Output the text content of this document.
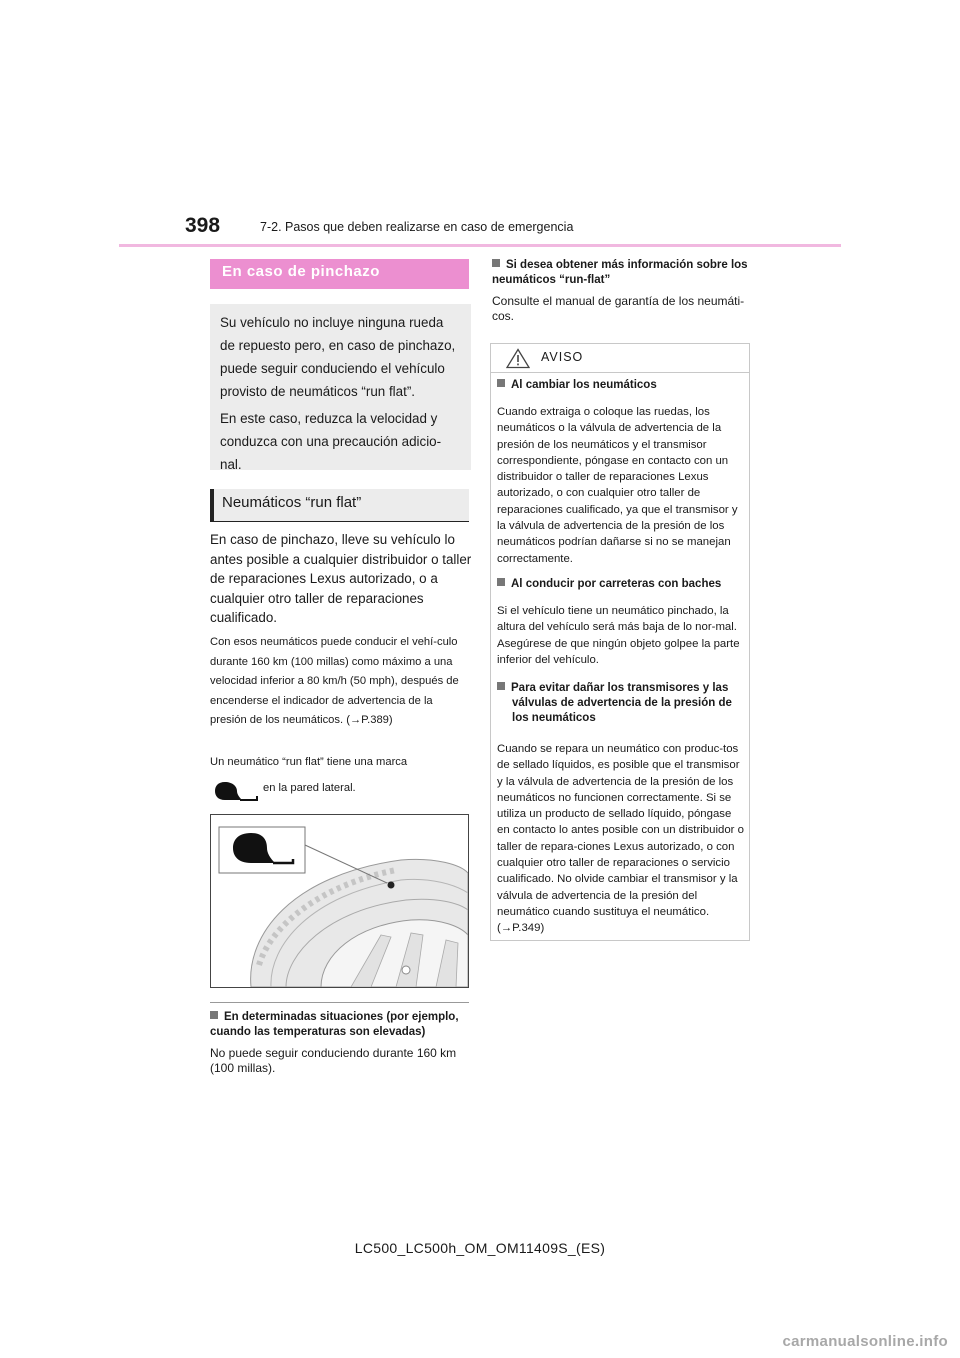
398	7-2. Pasos que deben realizarse en caso de emergencia
En caso de pinchazo

Su vehículo no incluye ninguna rueda de repuesto pero, en caso de pinchazo, puede seguir conduciendo el vehículo provisto de neumáticos “run flat”.

En este caso, reduzca la velocidad y conduzca con una precaución adicio-nal.

Neumáticos “run flat”

En caso de pinchazo, lleve su vehículo lo antes posible a cualquier distribuidor o taller de reparaciones Lexus autorizado, o a cualquier otro taller de reparaciones cualificado.

Con esos neumáticos puede conducir el vehí-culo durante 160 km (100 millas) como máximo a una velocidad inferior a 80 km/h (50 mph), después de encenderse el indicador de advertencia de la presión de los neumáticos. (→P.389)

Un neumático “run flat” tiene una marca

en la pared lateral.

En determinadas situaciones (por ejemplo, cuando las temperaturas son elevadas)

No puede seguir conduciendo durante 160 km (100 millas).

Si desea obtener más información sobre los neumáticos “run-flat”

Consulte el manual de garantía de los neumáti-cos.

AVISO

Al cambiar los neumáticos

Cuando extraiga o coloque las ruedas, los neumáticos o la válvula de advertencia de la presión de los neumáticos y el transmisor correspondiente, póngase en contacto con un distribuidor o taller de reparaciones Lexus autorizado, o con cualquier otro taller de reparaciones cualificado, ya que el transmisor y la válvula de advertencia de la presión de los neumáticos podrían dañarse si no se manejan correctamente.

Al conducir por carreteras con baches

Si el vehículo tiene un neumático pinchado, la altura del vehículo será más baja de lo nor-mal. Asegúrese de que ningún objeto golpee la parte inferior del vehículo.

Para evitar dañar los transmisores y las válvulas de advertencia de la presión de los neumáticos

Cuando se repara un neumático con produc-tos de sellado líquidos, es posible que el transmisor y la válvula de advertencia de la presión de los neumáticos no funcionen correctamente. Si se utiliza un producto de sellado líquido, póngase en contacto lo antes posible con un distribuidor o taller de repara-ciones Lexus autorizado, o con cualquier otro taller de reparaciones o servicio cualificado. No olvide cambiar el transmisor y la válvula de advertencia de la presión del neumático cuando sustituya el neumático. (→P.349)

LC500_LC500h_OM_OM11409S_(ES)
carmanualsonline.info
